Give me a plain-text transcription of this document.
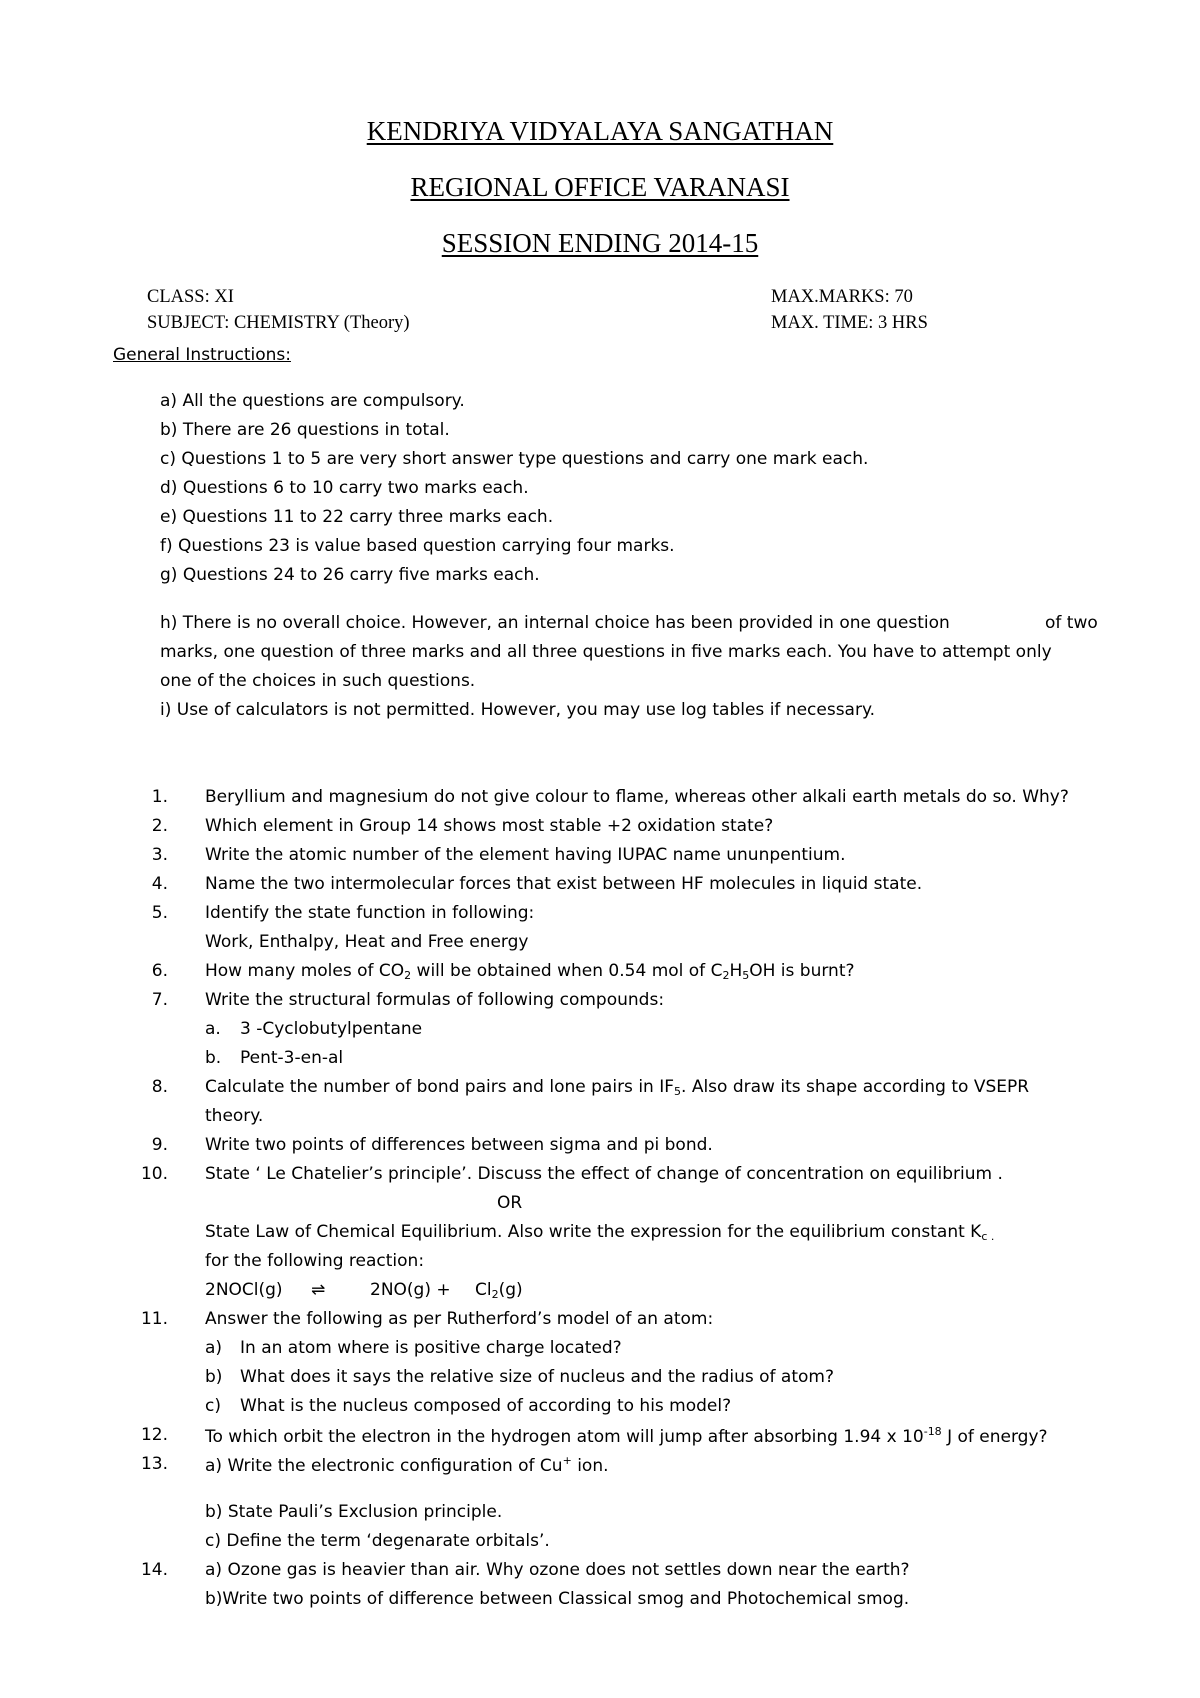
KENDRIYA VIDYALAYA SANGATHAN
REGIONAL OFFICE VARANASI
SESSION ENDING 2014-15
CLASS: XI	MAX.MARKS: 70
SUBJECT: CHEMISTRY (Theory)	MAX. TIME: 3 HRS
General Instructions:
a) All the questions are compulsory.
b) There are 26 questions in total.
c) Questions 1 to 5 are very short answer type questions and carry one mark each.
d) Questions 6 to 10 carry two marks each.
e) Questions 11 to 22 carry three marks each.
f) Questions 23 is value based question carrying four marks.
g) Questions 24 to 26 carry five marks each.
h) There is no overall choice. However, an internal choice has been provided in one question	of two
marks, one question of three marks and all three questions in five marks each. You have to attempt only
one of the choices in such questions.
i) Use of calculators is not permitted. However, you may use log tables if necessary.
1. Beryllium and magnesium do not give colour to flame, whereas other alkali earth metals do so. Why?
2. Which element in Group 14 shows most stable +2 oxidation state?
3. Write the atomic number of the element having IUPAC name ununpentium.
4. Name the two intermolecular forces that exist between HF molecules in liquid state.
5. Identify the state function in following:
Work, Enthalpy, Heat and Free energy
6. How many moles of $CO_2$ will be obtained when 0.54 mol of $C_2H_5OH$ is burnt?
7. Write the structural formulas of following compounds:
a. 3 -Cyclobutylpentane
b. Pent-3-en-al
8. Calculate the number of bond pairs and lone pairs in $IF_5$. Also draw its shape according to VSEPR
theory.
9. Write two points of differences between sigma and pi bond.
10. State ‘ Le Chatelier’s principle’. Discuss the effect of change of concentration on equilibrium .
OR
State Law of Chemical Equilibrium. Also write the expression for the equilibrium constant $K_{c .}$
for the following reaction:
2NOCl(g) ⇌	$2NO(g) + Cl_2(g)$
11. Answer the following as per Rutherford’s model of an atom:
a) In an atom where is positive charge located?
b) What does it says the relative size of nucleus and the radius of atom?
c) What is the nucleus composed of according to his model?
12. To which orbit the electron in the hydrogen atom will jump after absorbing 1.94 x $10^{-18}$ J of energy?
13. a) Write the electronic configuration of Cu+ ion.
b) State Pauli’s Exclusion principle.
c) Define the term ‘degenarate orbitals’.
14. a) Ozone gas is heavier than air. Why ozone does not settles down near the earth?
b)Write two points of difference between Classical smog and Photochemical smog.
